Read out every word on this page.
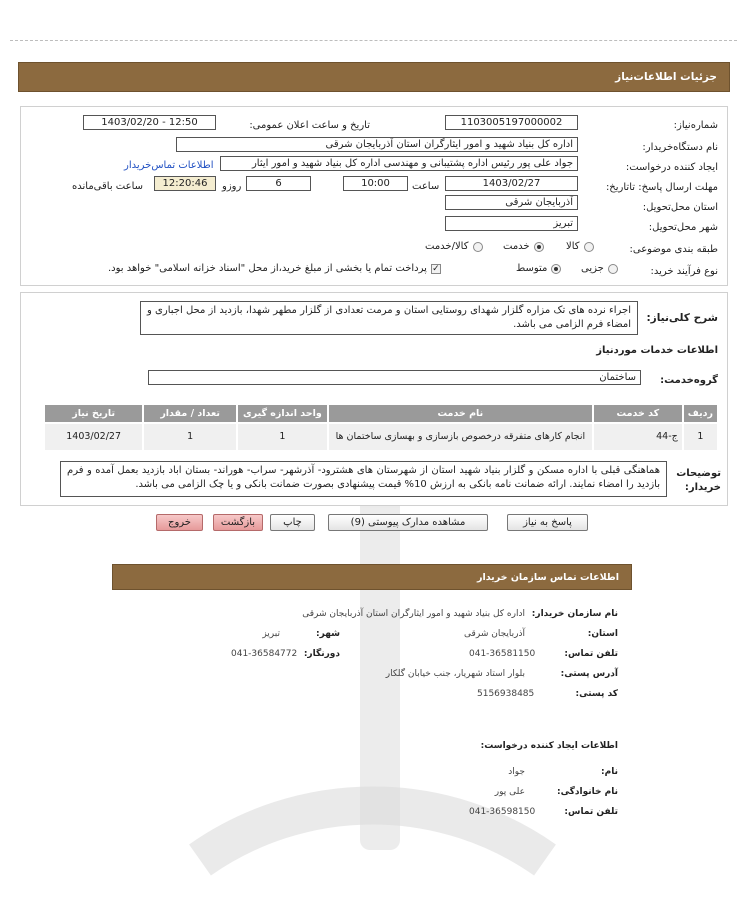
جزئیات اطلاعات‌نیاز
شماره‌نیاز:
1103005197000002
تاریخ و ساعت اعلان عمومی:
1403/02/20 - 12:50
نام دستگاه‌خریدار:
اداره کل بنیاد شهید و امور ایثارگران استان آذربایجان شرقی
ایجاد کننده درخواست:
جواد علی پور رئیس اداره پشتیبانی و مهندسی اداره کل بنیاد شهید و امور ایثار
اطلاعات تماس‌خریدار
مهلت ارسال پاسخ: تاتاریخ:
1403/02/27
ساعت
10:00
6
روزو
12:20:46
ساعت باقی‌مانده
استان محل‌تحویل:
آذربایجان شرقی
شهر محل‌تحویل:
تبریز
طبقه بندی موضوعی:
کالا
خدمت
کالا/خدمت
نوع فرآیند خرید:
جزیی
متوسط
✓
پرداخت تمام یا بخشی از مبلغ خرید،از محل "اسناد خزانه اسلامی" خواهد بود.
شرح کلی‌نیاز:
اجراء نرده های تک مزاره گلزار شهدای روستایی استان و مرمت تعدادی از گلزار مطهر شهدا، بازدید از محل اجباری و امضاء فرم الزامی می باشد.
اطلاعات خدمات موردنیاز
گروه‌خدمت:
ساختمان
ردیف	کد خدمت	نام خدمت	واحد اندازه گیری	تعداد / مقدار	تاریخ نیاز
1	ج-44	انجام کارهای متفرقه درخصوص بازسازی و بهسازی ساختمان ها	1	1	1403/02/27
توضیحات خریدار:
هماهنگی قبلی با اداره مسکن و گلزار بنیاد شهید استان از شهرستان های هشترود- آذرشهر- سراب- هوراند- بستان اباد بازدید بعمل آمده و فرم بازدید را امضاء نمایند. ارائه ضمانت نامه بانکی به ارزش 10% قیمت پیشنهادی بصورت ضمانت بانکی و یا چک الزامی می باشد.
پاسخ به نیاز
مشاهده مدارک پیوستی (9)
چاپ
بازگشت
خروج
اطلاعات تماس سازمان خریدار
نام سازمان خریدار:
اداره کل بنیاد شهید و امور ایثارگران استان آذربایجان شرقی
استان:
آذربایجان شرقی
شهر:
تبریز
تلفن تماس:
041-36581150
دورنگار:
041-36584772
آدرس پستی:
بلوار استاد شهریار، جنب خیابان گلکار
کد پستی:
5156938485
اطلاعات ایجاد کننده درخواست:
نام:
جواد
نام خانوادگی:
علی پور
تلفن تماس:
041-36598150
